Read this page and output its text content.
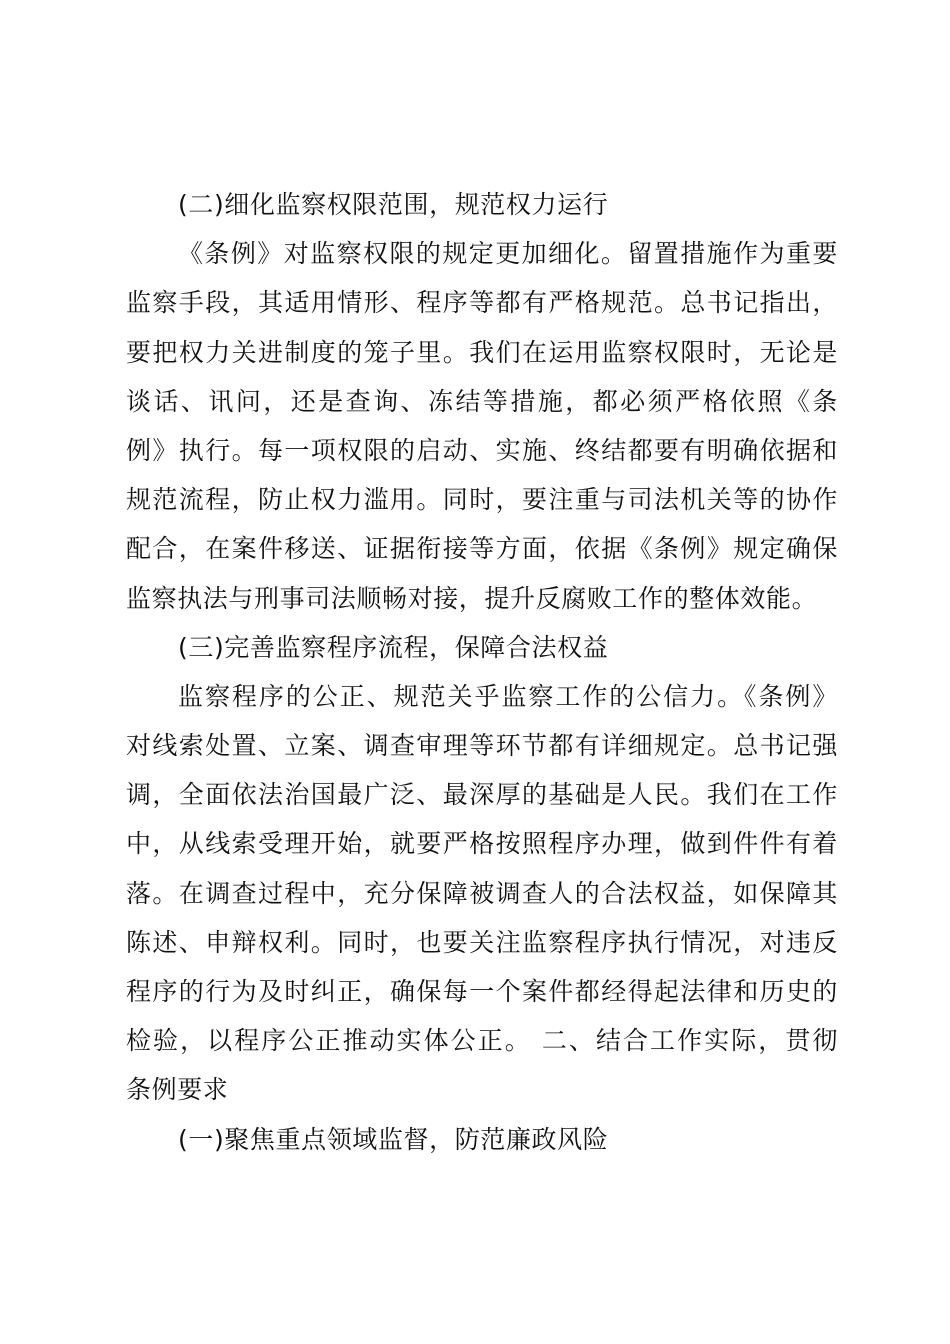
(二)细化监察权限范围，规范权力运行
《条例》对监察权限的规定更加细化。留置措施作为重要
监察手段，其适用情形、程序等都有严格规范。总书记指出，
要把权力关进制度的笼子里。我们在运用监察权限时，无论是
谈话、讯问，还是查询、冻结等措施，都必须严格依照《条
例》执行。每一项权限的启动、实施、终结都要有明确依据和
规范流程，防止权力滥用。同时，要注重与司法机关等的协作
配合，在案件移送、证据衔接等方面，依据《条例》规定确保
监察执法与刑事司法顺畅对接，提升反腐败工作的整体效能。
(三)完善监察程序流程，保障合法权益
监察程序的公正、规范关乎监察工作的公信力。《条例》
对线索处置、立案、调查审理等环节都有详细规定。总书记强
调，全面依法治国最广泛、最深厚的基础是人民。我们在工作
中，从线索受理开始，就要严格按照程序办理，做到件件有着
落。在调查过程中，充分保障被调查人的合法权益，如保障其
陈述、申辩权利。同时，也要关注监察程序执行情况，对违反
程序的行为及时纠正，确保每一个案件都经得起法律和历史的
检验，以程序公正推动实体公正。 二、结合工作实际，贯彻
条例要求
(一)聚焦重点领域监督，防范廉政风险
